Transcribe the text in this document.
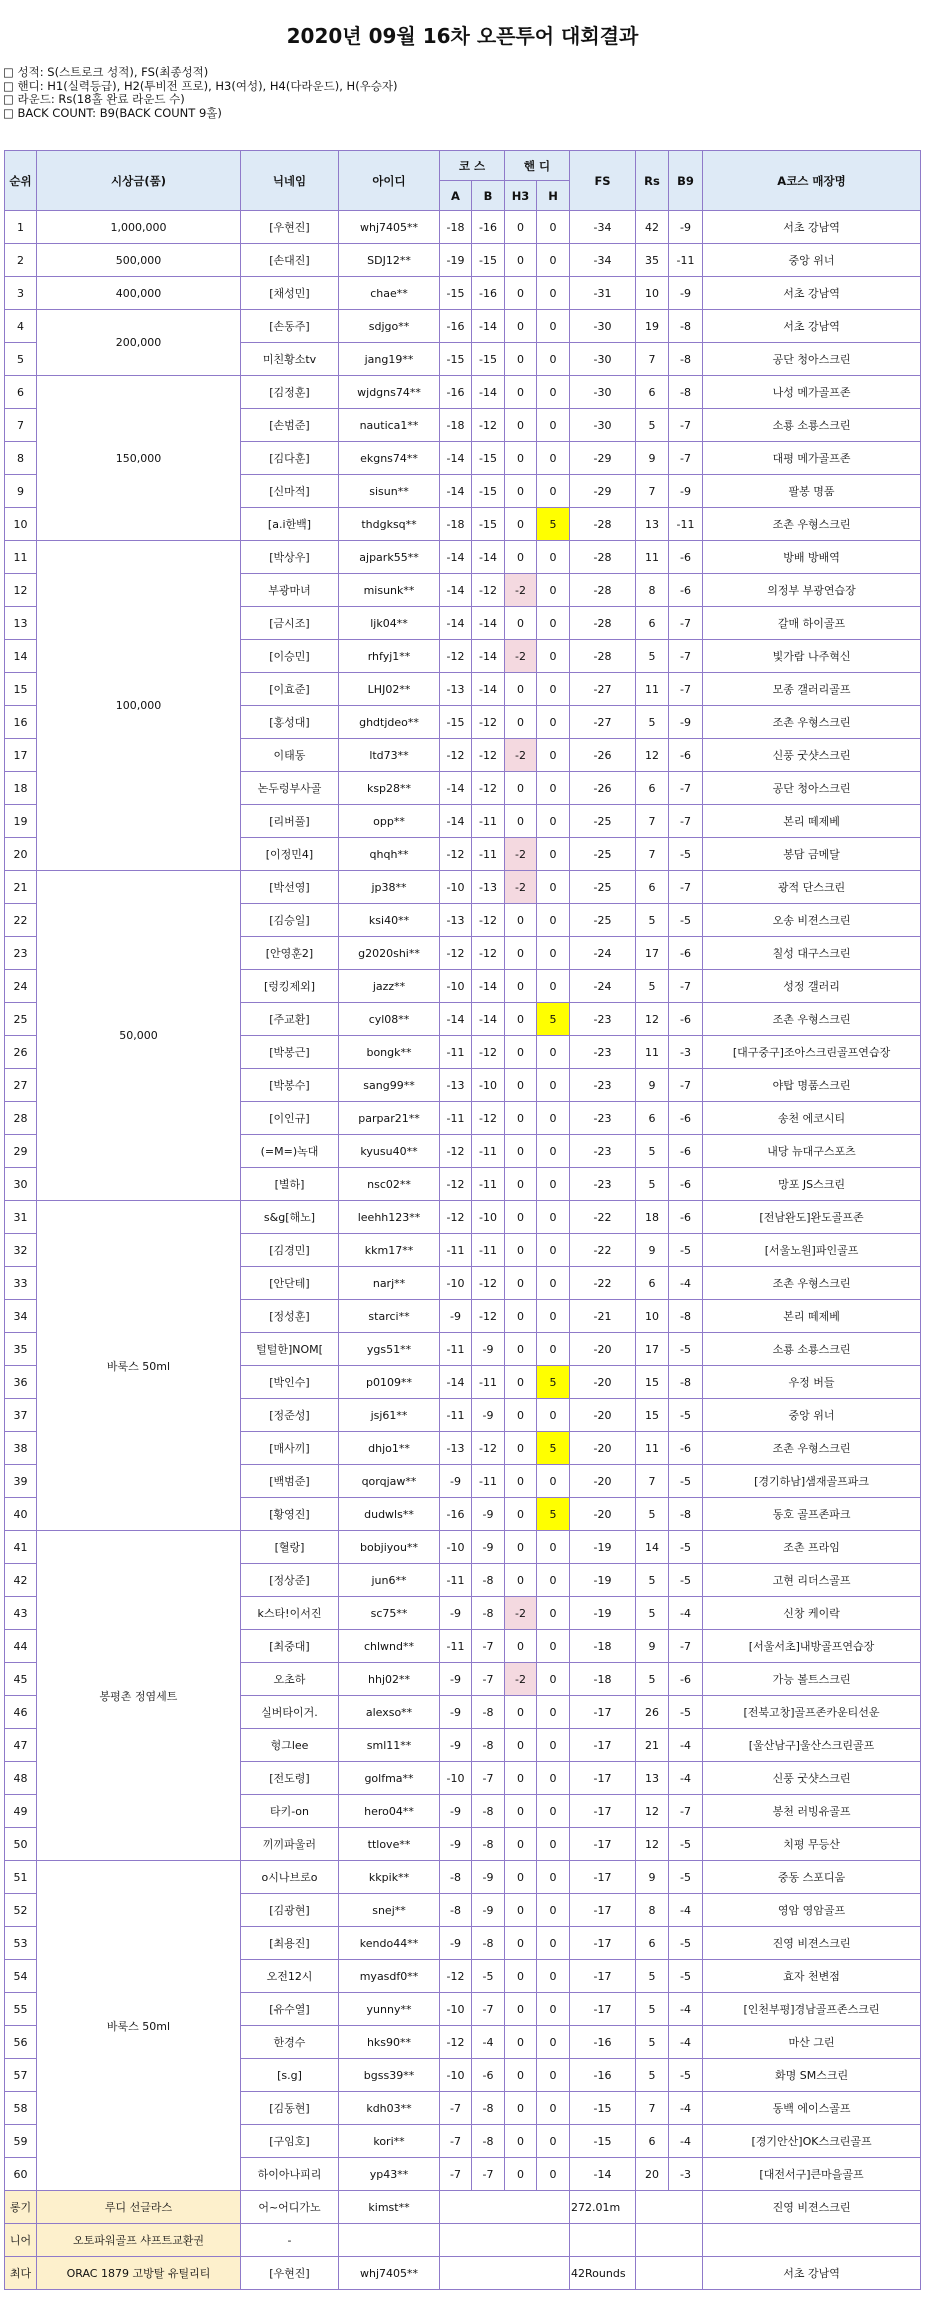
2020년 09월 16차 오픈투어 대회결과
□ 성적: S(스트로크 성적), FS(최종성적)
□ 핸디: H1(실력등급), H2(투비전 프로), H3(여성), H4(다라운드), H(우승자)
□ 라운드: Rs(18홀 완료 라운드 수)
□ BACK COUNT: B9(BACK COUNT 9홀)
순위	시상금(품)	닉네임	아이디	코 스		핸 디		FS	Rs	B9	A코스 매장명
				A	B	H3	H				
1	1,000,000	[우현진]	whj7405**	-18	-16	0	0	-34	42	-9	서초 강남역
2	500,000	[손대진]	SDJ12**	-19	-15	0	0	-34	35	-11	중앙 위너
3	400,000	[채성민]	chae**	-15	-16	0	0	-31	10	-9	서초 강남역
4	200,000	[손동주]	sdjgo**	-16	-14	0	0	-30	19	-8	서초 강남역
5		미친황소tv	jang19**	-15	-15	0	0	-30	7	-8	공단 청아스크린
6	150,000	[김정훈]	wjdgns74**	-16	-14	0	0	-30	6	-8	나성 메가골프존
7		[손범준]	nautica1**	-18	-12	0	0	-30	5	-7	소룡 소룡스크린
8		[김다훈]	ekgns74**	-14	-15	0	0	-29	9	-7	대평 메가골프존
9		[신마적]	sisun**	-14	-15	0	0	-29	7	-9	팔봉 명품
10		[a.i한백]	thdgksq**	-18	-15	0	5	-28	13	-11	조촌 우형스크린
11	100,000	[박상우]	ajpark55**	-14	-14	0	0	-28	11	-6	방배 방배역
12		부광마녀	misunk**	-14	-12	-2	0	-28	8	-6	의정부 부광연습장
13		[금시조]	ljk04**	-14	-14	0	0	-28	6	-7	갈매 하이골프
14		[이승민]	rhfyj1**	-12	-14	-2	0	-28	5	-7	빛가람 나주혁신
15		[이효준]	LHJ02**	-13	-14	0	0	-27	11	-7	모종 갤러리골프
16		[홍성대]	ghdtjdeo**	-15	-12	0	0	-27	5	-9	조촌 우형스크린
17		이태동	ltd73**	-12	-12	-2	0	-26	12	-6	신풍 굿샷스크린
18		논두렁부사골	ksp28**	-14	-12	0	0	-26	6	-7	공단 청아스크린
19		[리버풀]	opp**	-14	-11	0	0	-25	7	-7	본리 떼제베
20		[이정민4]	qhqh**	-12	-11	-2	0	-25	7	-5	봉담 금메달
21	50,000	[박선영]	jp38**	-10	-13	-2	0	-25	6	-7	광적 단스크린
22		[김승일]	ksi40**	-13	-12	0	0	-25	5	-5	오송 비젼스크린
23		[안영훈2]	g2020shi**	-12	-12	0	0	-24	17	-6	칠성 대구스크린
24		[렁킹제외]	jazz**	-10	-14	0	0	-24	5	-7	성정 갤러리
25		[주교환]	cyl08**	-14	-14	0	5	-23	12	-6	조촌 우형스크린
26		[박봉근]	bongk**	-11	-12	0	0	-23	11	-3	[대구중구]조아스크린골프연습장
27		[박봉수]	sang99**	-13	-10	0	0	-23	9	-7	야탑 명품스크린
28		[이인규]	parpar21**	-11	-12	0	0	-23	6	-6	송천 에코시티
29		(=M=)녹대	kyusu40**	-12	-11	0	0	-23	5	-6	내당 뉴대구스포츠
30		[별하]	nsc02**	-12	-11	0	0	-23	5	-6	망포 JS스크린
31	바룩스 50ml	s&g[해노]	leehh123**	-12	-10	0	0	-22	18	-6	[전남완도]완도골프존
32		[김경민]	kkm17**	-11	-11	0	0	-22	9	-5	[서울노원]파인골프
33		[안단테]	narj**	-10	-12	0	0	-22	6	-4	조촌 우형스크린
34		[정성훈]	starci**	-9	-12	0	0	-21	10	-8	본리 떼제베
35		털털한]NOM[	ygs51**	-11	-9	0	0	-20	17	-5	소룡 소룡스크린
36		[박인수]	p0109**	-14	-11	0	5	-20	15	-8	우정 버들
37		[정준성]	jsj61**	-11	-9	0	0	-20	15	-5	중앙 위너
38		[매사끼]	dhjo1**	-13	-12	0	5	-20	11	-6	조촌 우형스크린
39		[백범준]	qorqjaw**	-9	-11	0	0	-20	7	-5	[경기하남]샘재골프파크
40		[황영진]	dudwls**	-16	-9	0	5	-20	5	-8	동호 골프존파크
41	봉평촌 정염세트	[혈랑]	bobjiyou**	-10	-9	0	0	-19	14	-5	조촌 프라임
42		[정상준]	jun6**	-11	-8	0	0	-19	5	-5	고현 리더스골프
43		k스타!이서진	sc75**	-9	-8	-2	0	-19	5	-4	신창 케이락
44		[최중대]	chlwnd**	-11	-7	0	0	-18	9	-7	[서울서초]내방골프연습장
45		오초하	hhj02**	-9	-7	-2	0	-18	5	-6	가능 볼트스크린
46		실버타이거.	alexso**	-9	-8	0	0	-17	26	-5	[전북고창]골프존카운티선운
47		헝그lee	sml11**	-9	-8	0	0	-17	21	-4	[울산남구]울산스크린골프
48		[전도령]	golfma**	-10	-7	0	0	-17	13	-4	신풍 굿샷스크린
49		타키-on	hero04**	-9	-8	0	0	-17	12	-7	봉천 러빙유골프
50		끼끼파울러	ttlove**	-9	-8	0	0	-17	12	-5	치평 무등산
51	바룩스 50ml	o시나브로o	kkpik**	-8	-9	0	0	-17	9	-5	중동 스포디움
52		[김광현]	snej**	-8	-9	0	0	-17	8	-4	영암 영암골프
53		[최용진]	kendo44**	-9	-8	0	0	-17	6	-5	진영 비젼스크린
54		오전12시	myasdf0**	-12	-5	0	0	-17	5	-5	효자 천변점
55		[유수열]	yunny**	-10	-7	0	0	-17	5	-4	[인천부평]경남골프존스크린
56		한경수	hks90**	-12	-4	0	0	-16	5	-4	마산 그린
57		[s.g]	bgss39**	-10	-6	0	0	-16	5	-5	화명 SM스크린
58		[김동현]	kdh03**	-7	-8	0	0	-15	7	-4	동백 에이스골프
59		[구임호]	kori**	-7	-8	0	0	-15	6	-4	[경기안산]OK스크린골프
60		하이아나피리	yp43**	-7	-7	0	0	-14	20	-3	[대전서구]큰마을골프
롱기	루디 선글라스	어~어디가노	kimst**					272.01m			진영 비젼스크린
니어	오토파워골프 샤프트교환권	-									
최다	ORAC 1879 고방탈 유틸리티	[우현진]	whj7405**					42Rounds			서초 강남역
